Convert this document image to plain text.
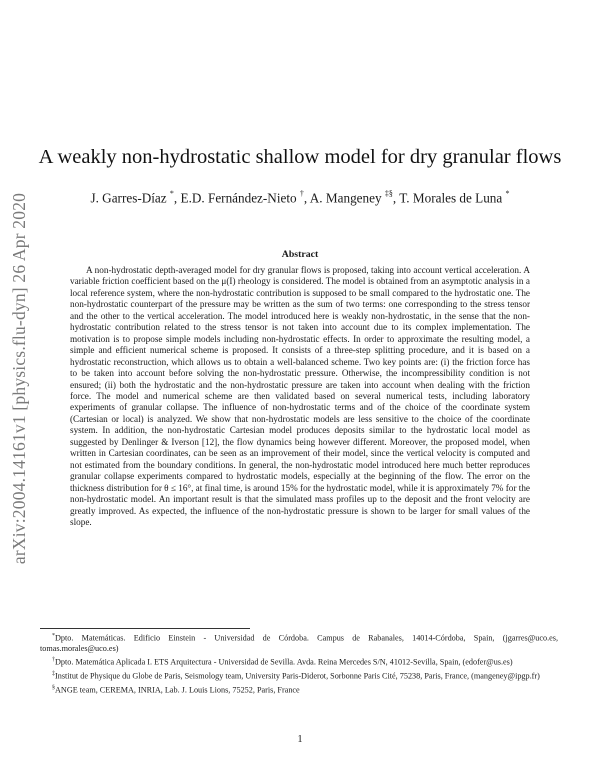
arXiv:2004.14161v1 [physics.flu-dyn] 26 Apr 2020
A weakly non-hydrostatic shallow model for dry granular flows
J. Garres-Díaz *, E.D. Fernández-Nieto †, A. Mangeney ‡§, T. Morales de Luna *
Abstract

A non-hydrostatic depth-averaged model for dry granular flows is proposed, taking into account vertical acceleration. A variable friction coefficient based on the μ(I) rheology is considered. The model is obtained from an asymptotic analysis in a local reference system, where the non-hydrostatic contribution is supposed to be small compared to the hydrostatic one. The non-hydrostatic counterpart of the pressure may be written as the sum of two terms: one corresponding to the stress tensor and the other to the vertical acceleration. The model introduced here is weakly non-hydrostatic, in the sense that the non-hydrostatic contribution related to the stress tensor is not taken into account due to its complex implementation. The motivation is to propose simple models including non-hydrostatic effects. In order to approximate the resulting model, a simple and efficient numerical scheme is proposed. It consists of a three-step splitting procedure, and it is based on a hydrostatic reconstruction, which allows us to obtain a well-balanced scheme. Two key points are: (i) the friction force has to be taken into account before solving the non-hydrostatic pressure. Otherwise, the incompressibility condition is not ensured; (ii) both the hydrostatic and the non-hydrostatic pressure are taken into account when dealing with the friction force. The model and numerical scheme are then validated based on several numerical tests, including laboratory experiments of granular collapse. The influence of non-hydrostatic terms and of the choice of the coordinate system (Cartesian or local) is analyzed. We show that non-hydrostatic models are less sensitive to the choice of the coordinate system. In addition, the non-hydrostatic Cartesian model produces deposits similar to the hydrostatic local model as suggested by Denlinger & Iverson [12], the flow dynamics being however different. Moreover, the proposed model, when written in Cartesian coordinates, can be seen as an improvement of their model, since the vertical velocity is computed and not estimated from the boundary conditions. In general, the non-hydrostatic model introduced here much better reproduces granular collapse experiments compared to hydrostatic models, especially at the beginning of the flow. The error on the thickness distribution for θ ≤ 16°, at final time, is around 15% for the hydrostatic model, while it is approximately 7% for the non-hydrostatic model. An important result is that the simulated mass profiles up to the deposit and the front velocity are greatly improved. As expected, the influence of the non-hydrostatic pressure is shown to be larger for small values of the slope.

*Dpto. Matemáticas. Edificio Einstein - Universidad de Córdoba. Campus de Rabanales, 14014-Córdoba, Spain, (jgarres@uco.es, tomas.morales@uco.es)

†Dpto. Matemática Aplicada I. ETS Arquitectura - Universidad de Sevilla. Avda. Reina Mercedes S/N, 41012-Sevilla, Spain, (edofer@us.es)

‡Institut de Physique du Globe de Paris, Seismology team, University Paris-Diderot, Sorbonne Paris Cité, 75238, Paris, France, (mangeney@ipgp.fr)

§ANGE team, CEREMA, INRIA, Lab. J. Louis Lions, 75252, Paris, France

1
